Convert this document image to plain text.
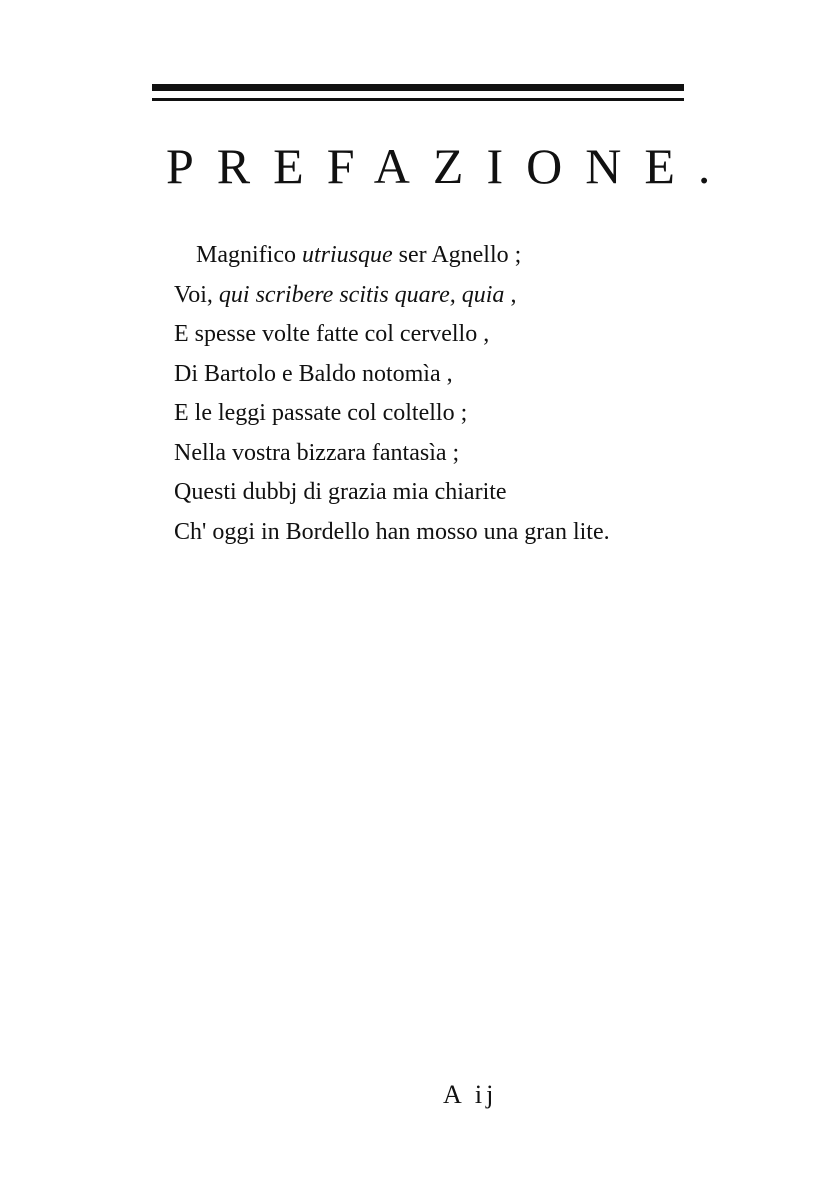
PREFAZIONE.
Magnifico utriusque ser Agnello ;
Voi, qui scribere scitis quare, quia ,
E spesse volte fatte col cervello ,
Di Bartolo e Baldo notomìa ,
E le leggi passate col coltello ;
Nella vostra bizzara fantasìa ;
Questi dubbj di grazia mia chiarite
Ch' oggi in Bordello han mosso una gran lite.
A ij
